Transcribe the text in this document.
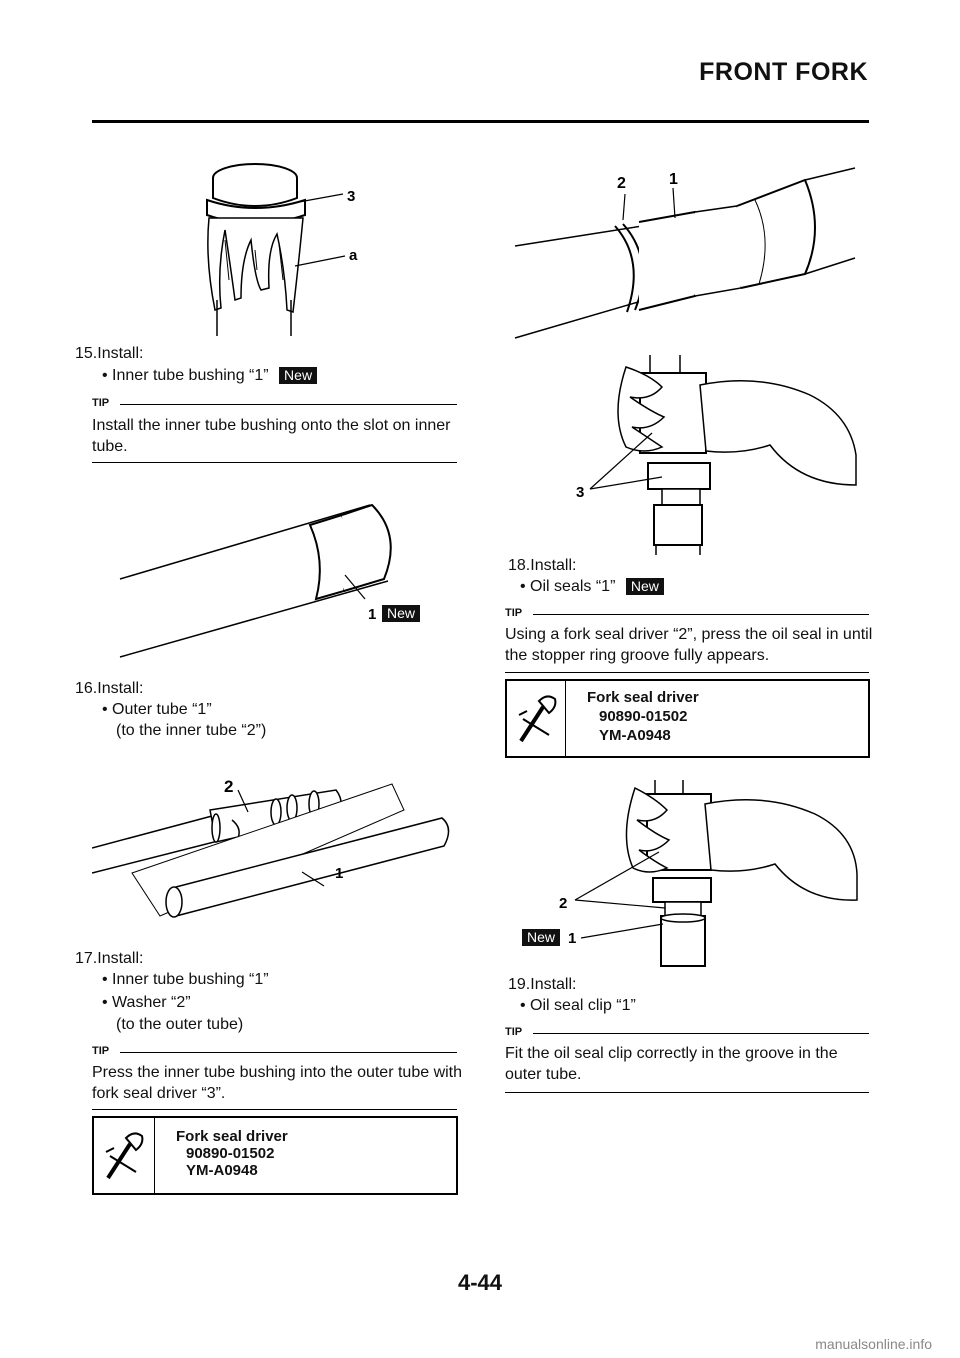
FRONT FORK
3
a
15.Install:
• Inner tube bushing “1” New
TIP
Install the inner tube bushing onto the slot on inner tube.
1 New
16.Install:
• Outer tube “1”
(to the inner tube “2”)
2
1
17.Install:
• Inner tube bushing “1”
• Washer “2”
(to the outer tube)
TIP
Press the inner tube bushing into the outer tube with fork seal driver “3”.
Fork seal driver
90890-01502
YM-A0948
2	1
3
18.Install:
• Oil seals “1” New
TIP
Using a fork seal driver “2”, press the oil seal in until the stopper ring groove fully appears.
Fork seal driver
90890-01502
YM-A0948
2
1
New
19.Install:
• Oil seal clip “1”
TIP
Fit the oil seal clip correctly in the groove in the outer tube.
4-44
manualsonline.info
